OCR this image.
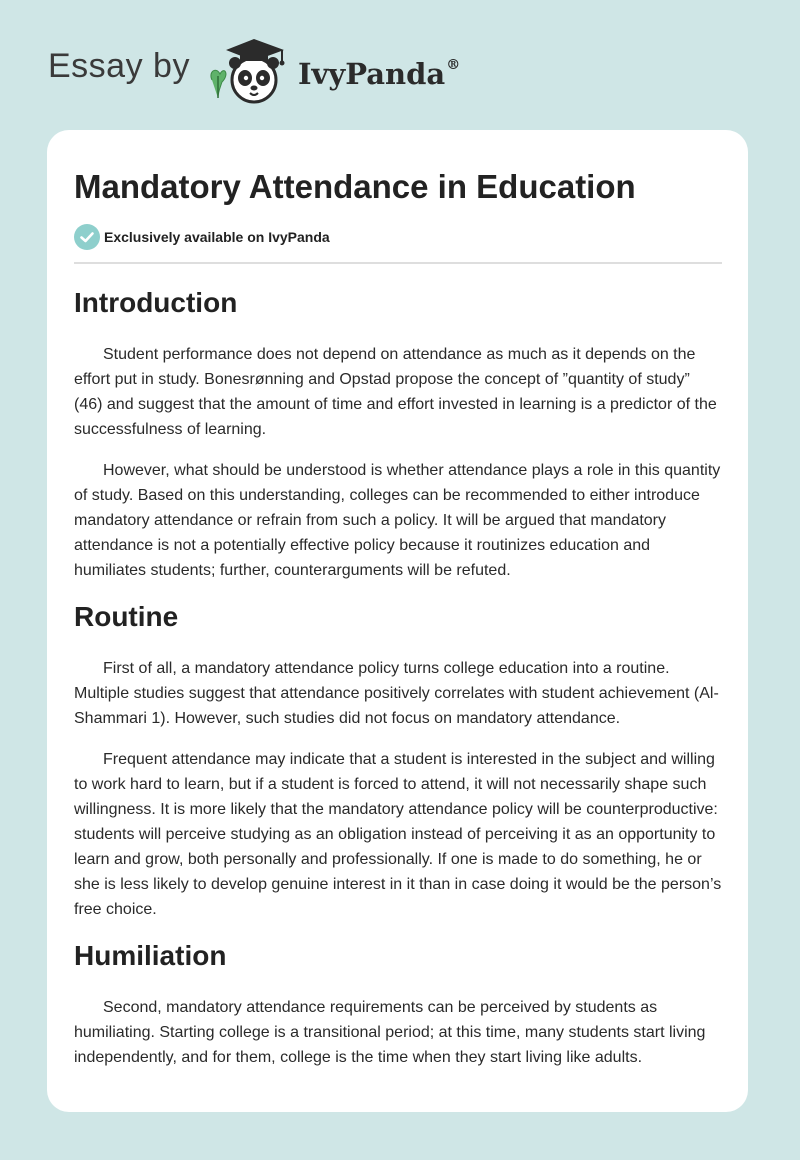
Essay by	IvyPanda®
Mandatory Attendance in Education
Exclusively available on IvyPanda
Introduction

Student performance does not depend on attendance as much as it depends on the effort put in study. Bonesrønning and Opstad propose the concept of ”quantity of study” (46) and suggest that the amount of time and effort invested in learning is a predictor of the successfulness of learning.

However, what should be understood is whether attendance plays a role in this quantity of study. Based on this understanding, colleges can be recommended to either introduce mandatory attendance or refrain from such a policy. It will be argued that mandatory attendance is not a potentially effective policy because it routinizes education and humiliates students; further, counterarguments will be refuted.

Routine

First of all, a mandatory attendance policy turns college education into a routine. Multiple studies suggest that attendance positively correlates with student achievement (Al-Shammari 1). However, such studies did not focus on mandatory attendance.

Frequent attendance may indicate that a student is interested in the subject and willing to work hard to learn, but if a student is forced to attend, it will not necessarily shape such willingness. It is more likely that the mandatory attendance policy will be counterproductive: students will perceive studying as an obligation instead of perceiving it as an opportunity to learn and grow, both personally and professionally. If one is made to do something, he or she is less likely to develop genuine interest in it than in case doing it would be the person’s free choice.

Humiliation

Second, mandatory attendance requirements can be perceived by students as humiliating. Starting college is a transitional period; at this time, many students start living independently, and for them, college is the time when they start living like adults.
